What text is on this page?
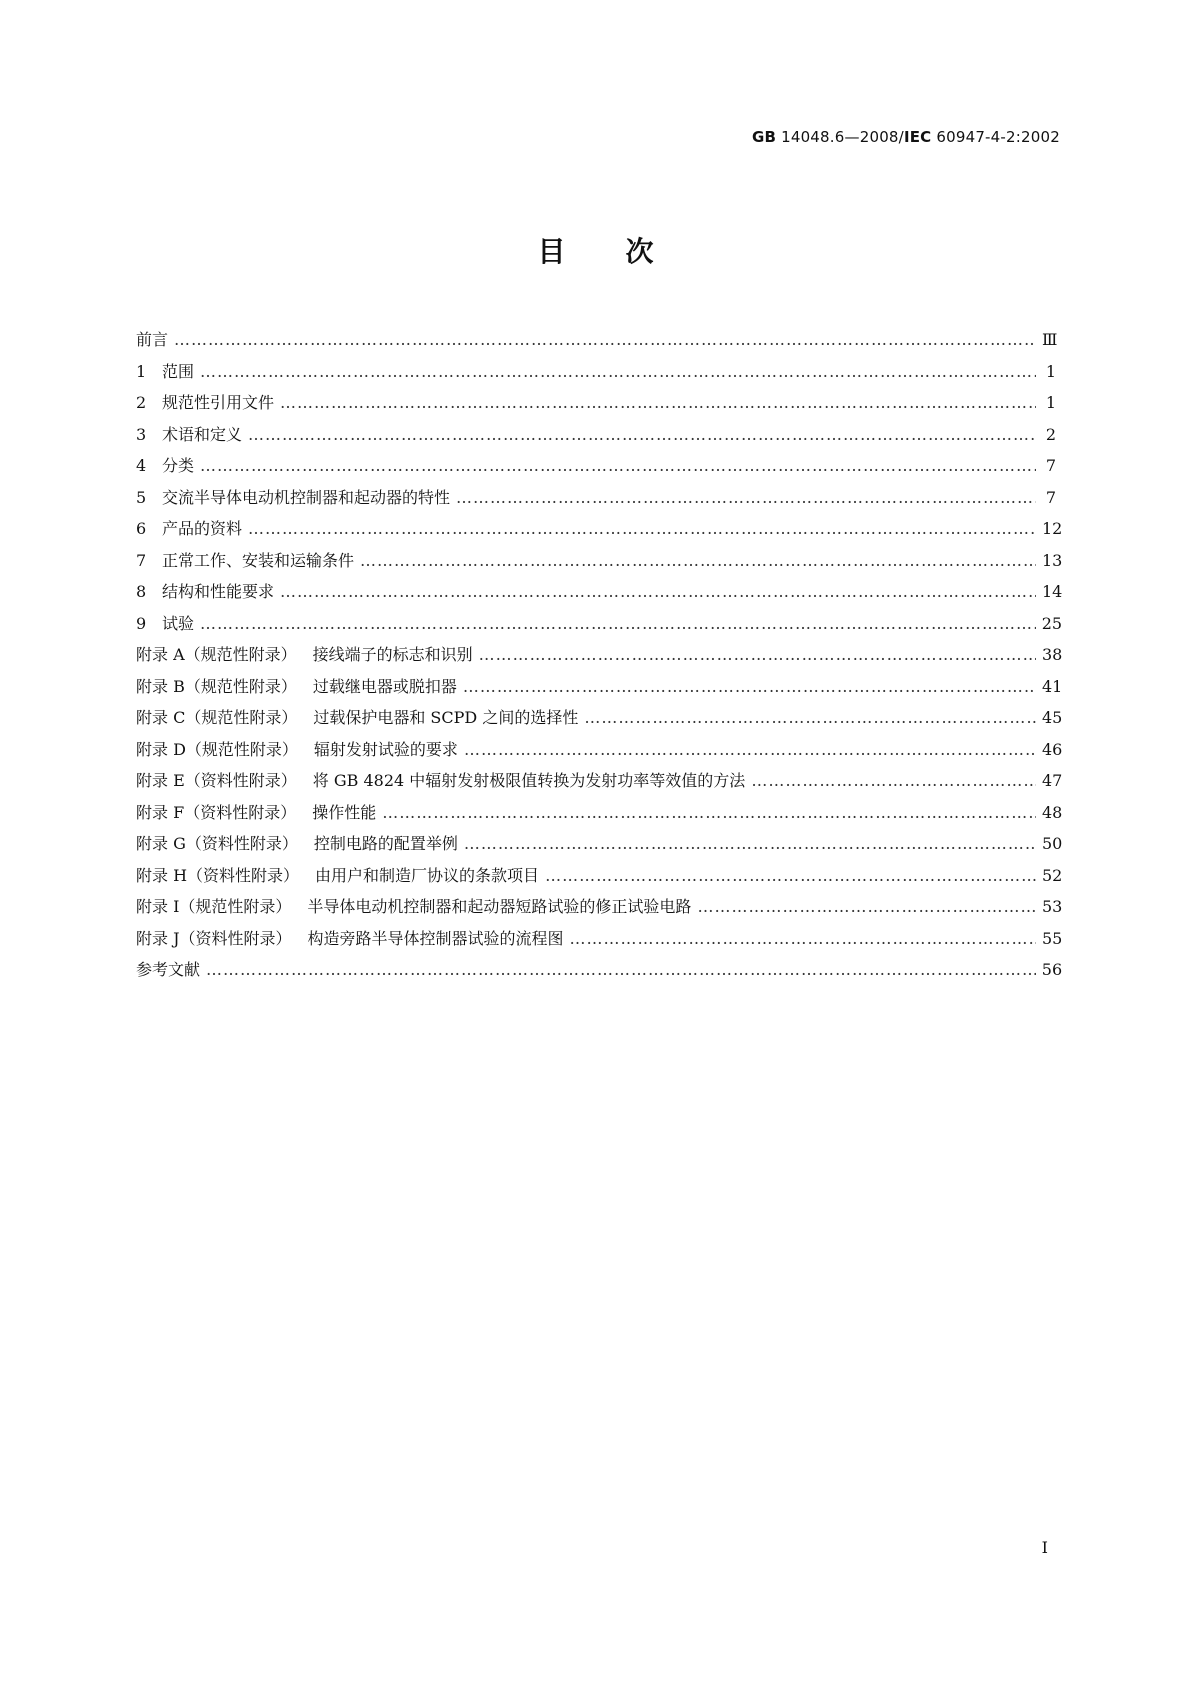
GB 14048.6—2008/IEC 60947-4-2:2002
目次
前言 …………………………………………………………………………………………………………………………………………………………………………………………	Ⅲ
1 范围 …………………………………………………………………………………………………………………………………………………………………………………………	1
2 规范性引用文件 …………………………………………………………………………………………………………………………………………………………………………………………	1
3 术语和定义 …………………………………………………………………………………………………………………………………………………………………………………………	2
4 分类 …………………………………………………………………………………………………………………………………………………………………………………………	7
5 交流半导体电动机控制器和起动器的特性 …………………………………………………………………………………………………………………………………………………………………………………………	7
6 产品的资料 …………………………………………………………………………………………………………………………………………………………………………………………	12
7 正常工作、安装和运输条件 …………………………………………………………………………………………………………………………………………………………………………………………	13
8 结构和性能要求 …………………………………………………………………………………………………………………………………………………………………………………………	14
9 试验 …………………………………………………………………………………………………………………………………………………………………………………………	25
附录 A（规范性附录） 接线端子的标志和识别 …………………………………………………………………………………………………………………………………………………………………………………………	38
附录 B（规范性附录） 过载继电器或脱扣器 …………………………………………………………………………………………………………………………………………………………………………………………	41
附录 C（规范性附录） 过载保护电器和 SCPD 之间的选择性 …………………………………………………………………………………………………………………………………………………………………………………………	45
附录 D（规范性附录） 辐射发射试验的要求 …………………………………………………………………………………………………………………………………………………………………………………………	46
附录 E（资料性附录） 将 GB 4824 中辐射发射极限值转换为发射功率等效值的方法 …………………………………………………………………………………………………………………………………………………………………………………………	47
附录 F（资料性附录） 操作性能 …………………………………………………………………………………………………………………………………………………………………………………………	48
附录 G（资料性附录） 控制电路的配置举例 …………………………………………………………………………………………………………………………………………………………………………………………	50
附录 H（资料性附录） 由用户和制造厂协议的条款项目 …………………………………………………………………………………………………………………………………………………………………………………………	52
附录 I（规范性附录） 半导体电动机控制器和起动器短路试验的修正试验电路 …………………………………………………………………………………………………………………………………………………………………………………………	53
附录 J（资料性附录） 构造旁路半导体控制器试验的流程图 …………………………………………………………………………………………………………………………………………………………………………………………	55
参考文献 …………………………………………………………………………………………………………………………………………………………………………………………	56
Ⅰ
